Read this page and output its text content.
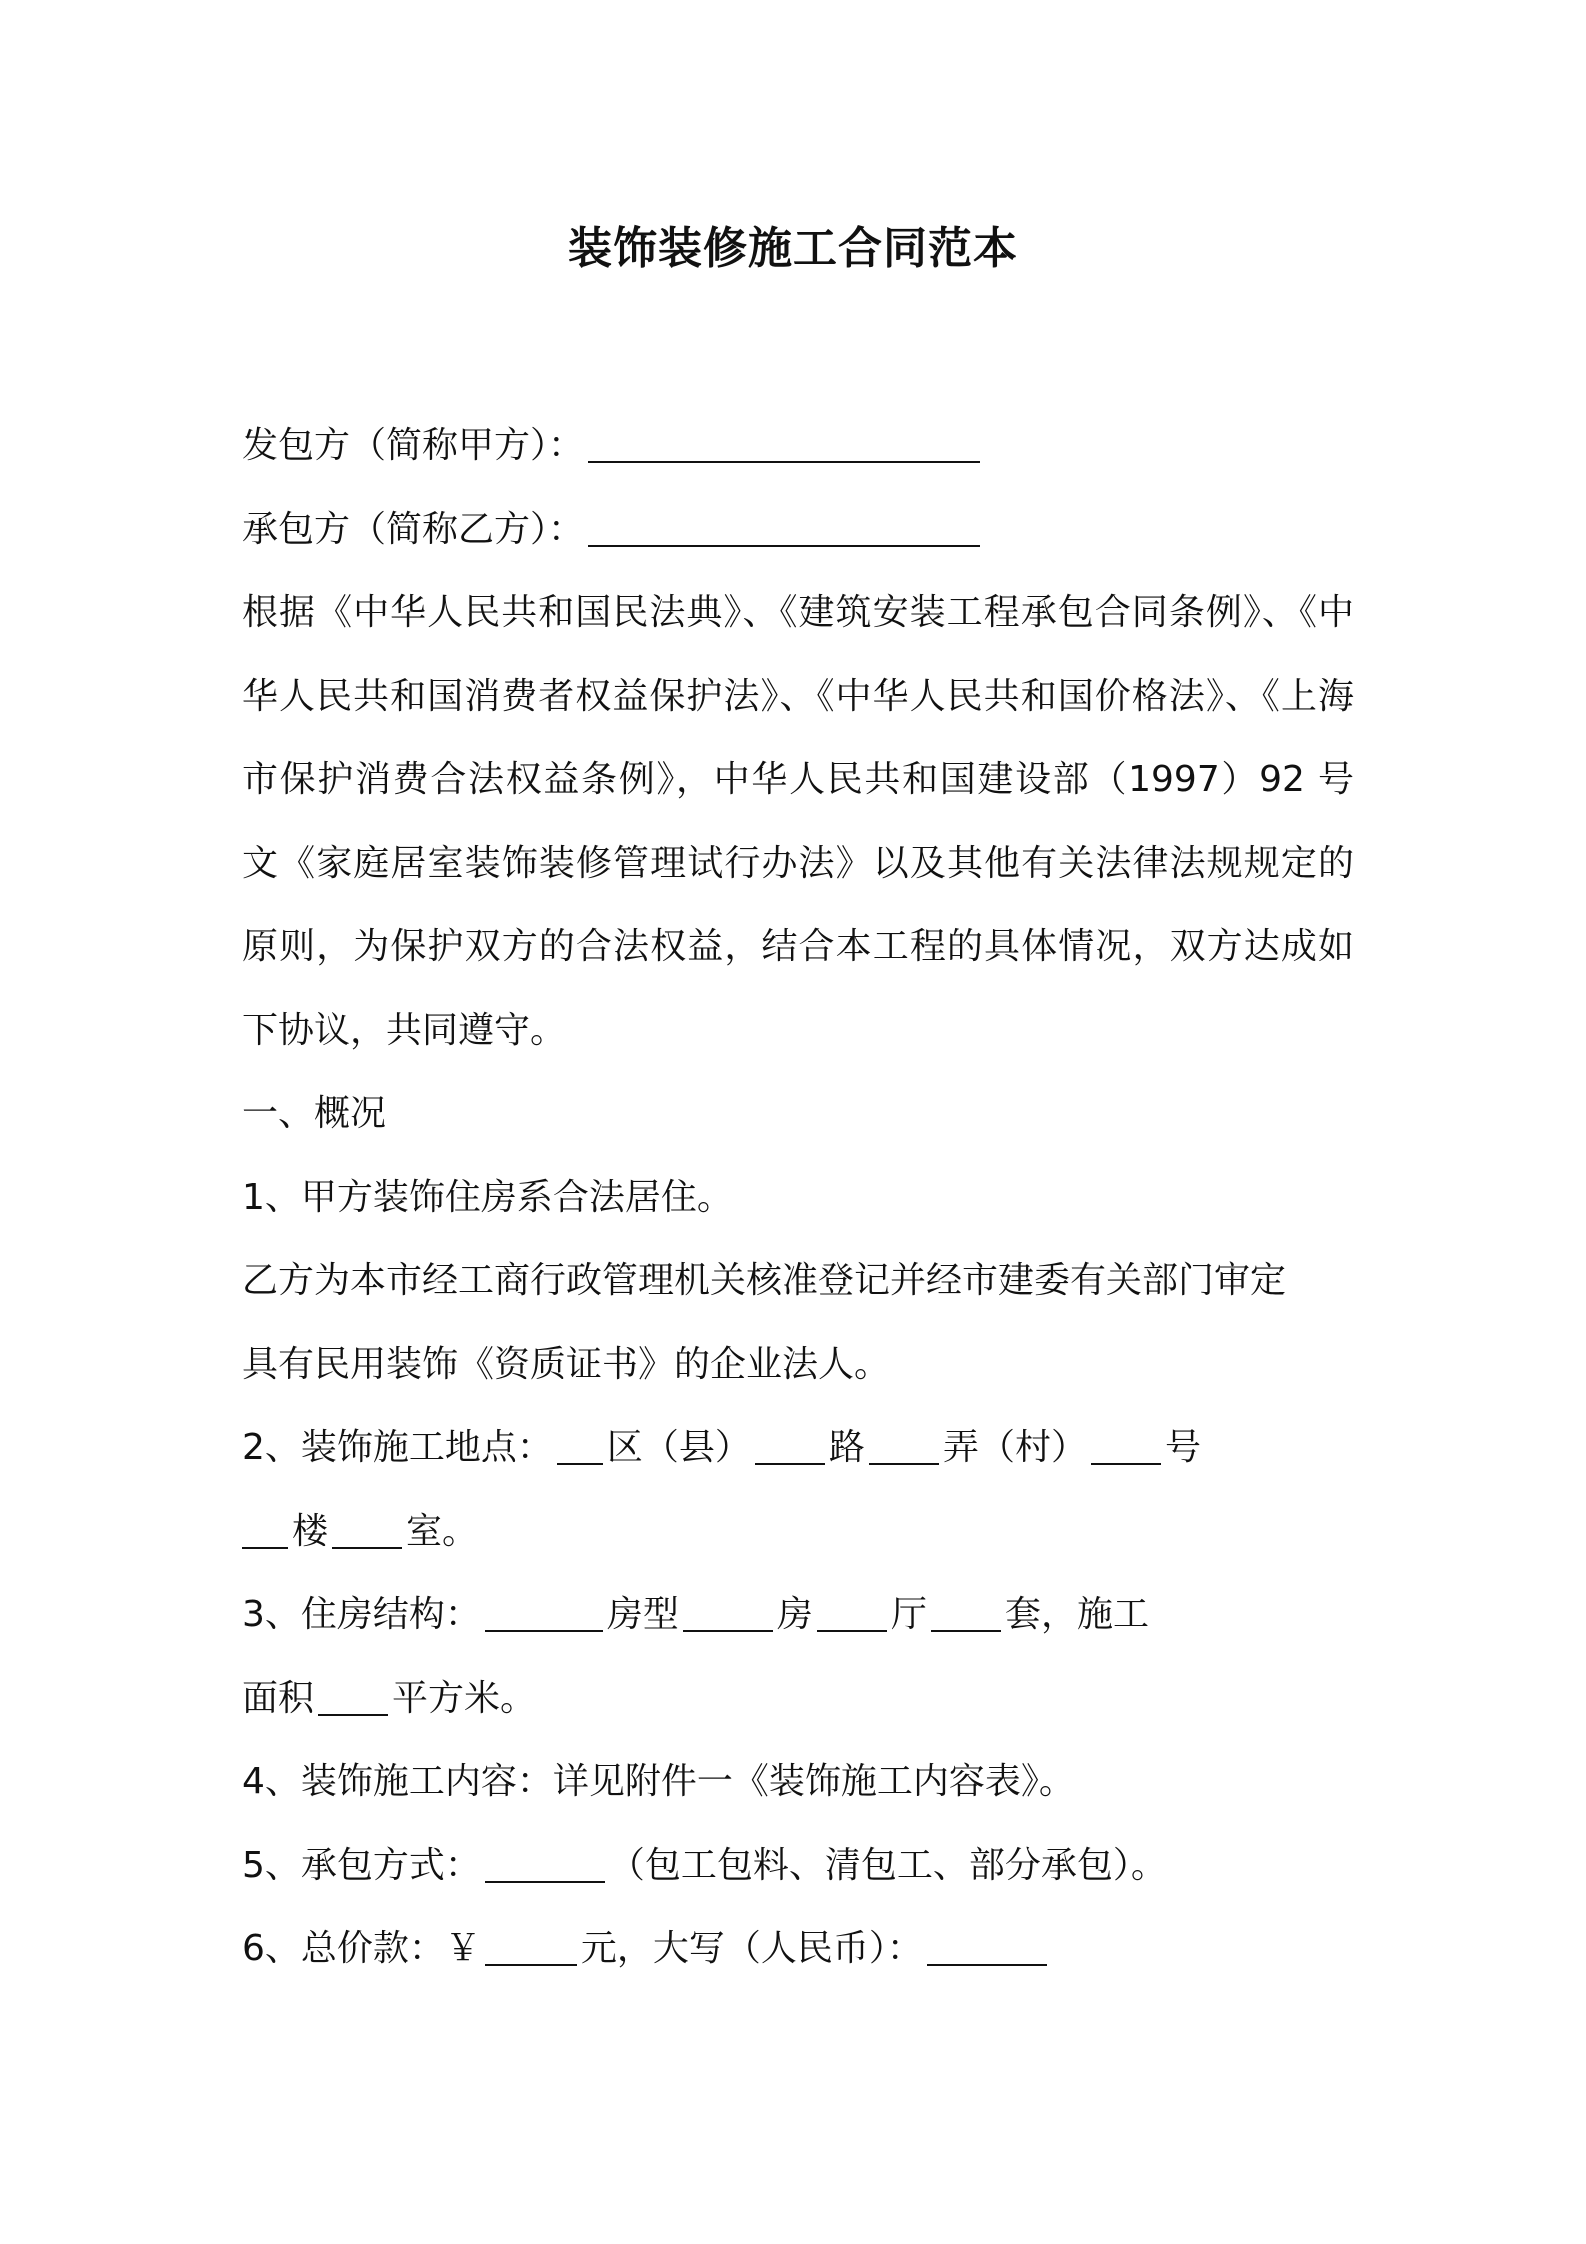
装饰装修施工合同范本
发包方（简称甲方）：
承包方（简称乙方）：
根据《中华人民共和国民法典》、《建筑安装工程承包合同条例》、《中
华人民共和国消费者权益保护法》、《中华人民共和国价格法》、《上海
市保护消费合法权益条例》，中华人民共和国建设部（1997）92 号
文《家庭居室装饰装修管理试行办法》以及其他有关法律法规规定的
原则，为保护双方的合法权益，结合本工程的具体情况，双方达成如
下协议，共同遵守。
一、概况
1、甲方装饰住房系合法居住。
乙方为本市经工商行政管理机关核准登记并经市建委有关部门审定
具有民用装饰《资质证书》的企业法人。
2、装饰施工地点： 区（县） 路 弄（村） 号
楼 室。
3、住房结构：	房型	房 厅 套，施工
面积 平方米。
4、装饰施工内容：详见附件一《装饰施工内容表》。
5、承包方式：	（包工包料、清包工、部分承包）。
6、总价款：￥	元，大写（人民币）：
